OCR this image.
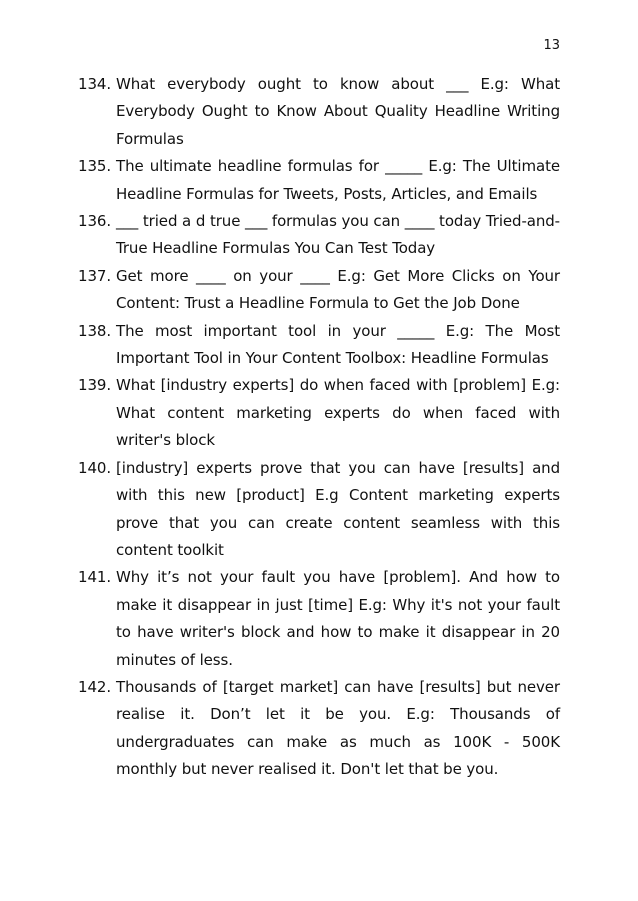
13
134. What everybody ought to know about ___ E.g: What Everybody Ought to Know About Quality Headline Writing Formulas
135. The ultimate headline formulas for _____ E.g: The Ultimate Headline Formulas for Tweets, Posts, Articles, and Emails
136. ___ tried a d true ___ formulas you can ____ today Tried-and-True Headline Formulas You Can Test Today
137. Get more ____ on your ____ E.g: Get More Clicks on Your Content: Trust a Headline Formula to Get the Job Done
138. The most important tool in your _____ E.g: The Most Important Tool in Your Content Toolbox: Headline Formulas
139. What [industry experts] do when faced with [problem] E.g: What content marketing experts do when faced with writer's block
140. [industry] experts prove that you can have [results] and with this new [product] E.g Content marketing experts prove that you can create content seamless with this content toolkit
141. Why it’s not your fault you have [problem]. And how to make it disappear in just [time] E.g: Why it's not your fault to have writer's block and how to make it disappear in 20 minutes of less.
142. Thousands of [target market] can have [results] but never realise it. Don’t let it be you. E.g: Thousands of undergraduates can make as much as 100K - 500K monthly but never realised it. Don't let that be you.
